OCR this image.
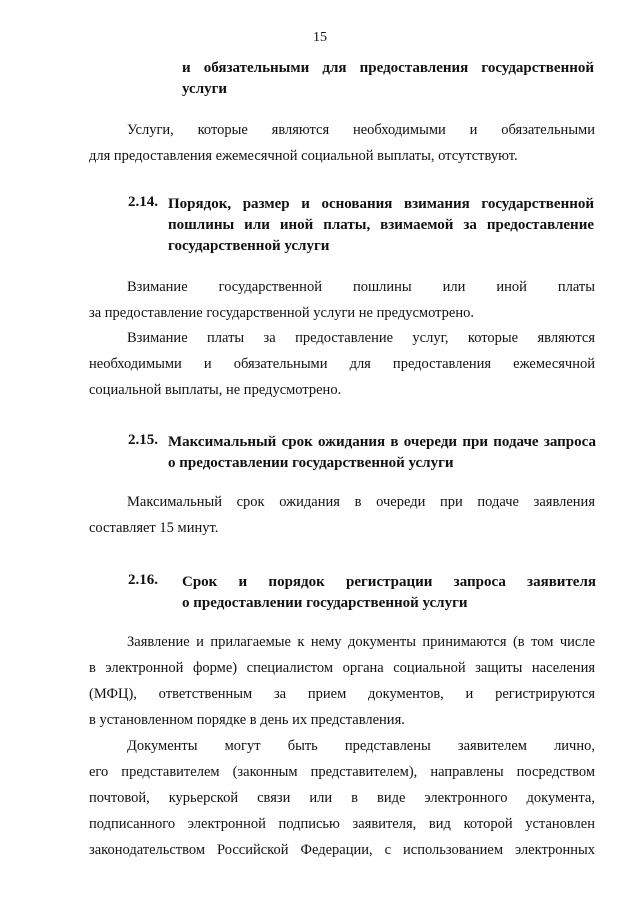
15
и обязательными для предоставления государственной
услуги
Услуги, которые являются необходимыми и обязательными
для предоставления ежемесячной социальной выплаты, отсутствуют.
2.14. Порядок, размер и основания взимания государственной
пошлины или иной платы, взимаемой за предоставление
государственной услуги
Взимание государственной пошлины или иной платы
за предоставление государственной услуги не предусмотрено.
Взимание платы за предоставление услуг, которые являются
необходимыми и обязательными для предоставления ежемесячной
социальной выплаты, не предусмотрено.
2.15. Максимальный срок ожидания в очереди при подаче запроса
о предоставлении государственной услуги
Максимальный срок ожидания в очереди при подаче заявления
составляет 15 минут.
2.16. Срок и порядок регистрации запроса заявителя
о предоставлении государственной услуги
Заявление и прилагаемые к нему документы принимаются (в том числе
в электронной форме) специалистом органа социальной защиты населения
(МФЦ), ответственным за прием документов, и регистрируются
в установленном порядке в день их представления.
Документы могут быть представлены заявителем лично,
его представителем (законным представителем), направлены посредством
почтовой, курьерской связи или в виде электронного документа,
подписанного электронной подписью заявителя, вид которой установлен
законодательством Российской Федерации, с использованием электронных
